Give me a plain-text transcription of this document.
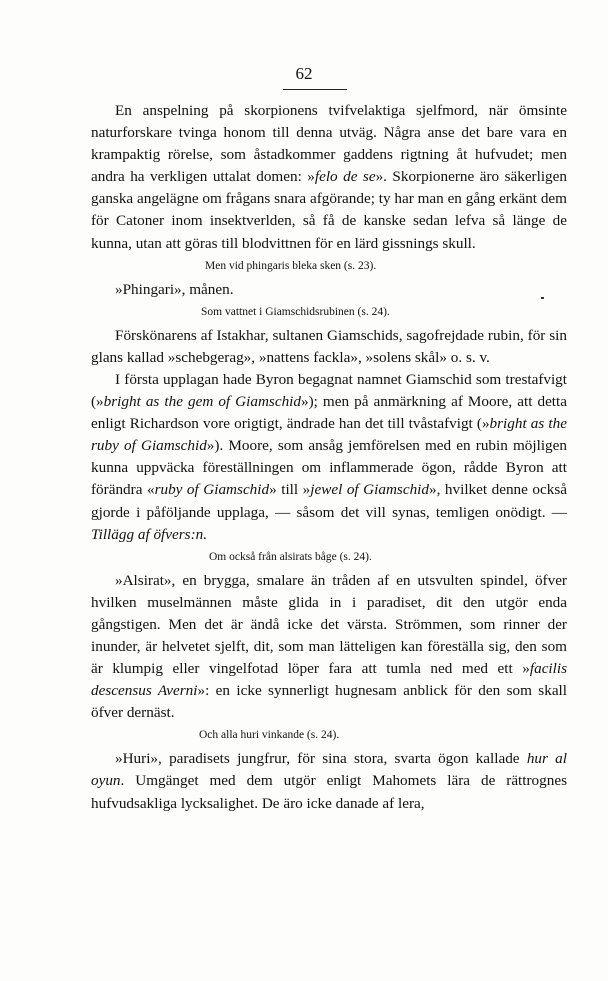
62

En anspelning på skorpionens tvifvelaktiga sjelfmord, när ömsinte naturforskare tvinga honom till denna utväg. Några anse det bare vara en krampaktig rörelse, som åstadkommer gaddens rigtning åt hufvudet; men andra ha verkligen uttalat domen: »felo de se». Skorpionerne äro säkerligen ganska angelägne om frågans snara afgörande; ty har man en gång erkänt dem för Catoner inom insektverlden, så få de kanske sedan lefva så länge de kunna, utan att göras till blodvittnen för en lärd gissnings skull.

Men vid phingaris bleka sken (s. 23).

»Phingari», månen.

Som vattnet i Giamschidsrubinen (s. 24).

Förskönarens af Istakhar, sultanen Giamschids, sagofrejdade rubin, för sin glans kallad »schebgerag», »nattens fackla», »solens skål» o. s. v.

I första upplagan hade Byron begagnat namnet Giamschid som trestafvigt (»bright as the gem of Giamschid»); men på anmärkning af Moore, att detta enligt Richardson vore origtigt, ändrade han det till tvåstafvigt (»bright as the ruby of Giamschid»). Moore, som ansåg jemförelsen med en rubin möjligen kunna uppväcka föreställningen om inflammerade ögon, rådde Byron att förändra «ruby of Giamschid» till »jewel of Giamschid», hvilket denne också gjorde i påföljande upplaga, — såsom det vill synas, temligen onödigt. — Tillägg af öfvers:n.

Om också från alsirats båge (s. 24).

»Alsirat», en brygga, smalare än tråden af en utsvulten spindel, öfver hvilken muselmännen måste glida in i paradiset, dit den utgör enda gångstigen. Men det är ändå icke det värsta. Strömmen, som rinner der inunder, är helvetet sjelft, dit, som man lätteligen kan föreställa sig, den som är klumpig eller vingelfotad löper fara att tumla ned med ett »facilis descensus Averni»: en icke synnerligt hugnesam anblick för den som skall öfver dernäst.

Och alla huri vinkande (s. 24).

»Huri», paradisets jungfrur, för sina stora, svarta ögon kallade hur al oyun. Umgänget med dem utgör enligt Mahomets lära de rättrognes hufvudsakliga lycksalighet. De äro icke danade af lera,
